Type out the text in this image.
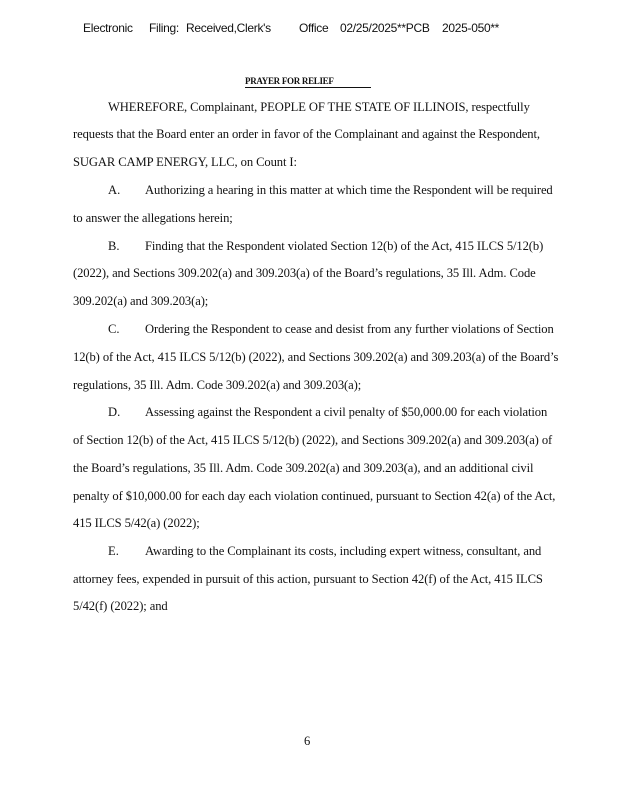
Electronic Filing: Received,Clerk's Office 02/25/2025**PCB 2025-050**
PRAYER FOR RELIEF
WHEREFORE, Complainant, PEOPLE OF THE STATE OF ILLINOIS, respectfully
requests that the Board enter an order in favor of the Complainant and against the Respondent,
SUGAR CAMP ENERGY, LLC, on Count I:
A. Authorizing a hearing in this matter at which time the Respondent will be required
to answer the allegations herein;
B. Finding that the Respondent violated Section 12(b) of the Act, 415 ILCS 5/12(b)
(2022), and Sections 309.202(a) and 309.203(a) of the Board’s regulations, 35 Ill. Adm. Code
309.202(a) and 309.203(a);
C. Ordering the Respondent to cease and desist from any further violations of Section
12(b) of the Act, 415 ILCS 5/12(b) (2022), and Sections 309.202(a) and 309.203(a) of the Board’s
regulations, 35 Ill. Adm. Code 309.202(a) and 309.203(a);
D. Assessing against the Respondent a civil penalty of $50,000.00 for each violation
of Section 12(b) of the Act, 415 ILCS 5/12(b) (2022), and Sections 309.202(a) and 309.203(a) of
the Board’s regulations, 35 Ill. Adm. Code 309.202(a) and 309.203(a), and an additional civil
penalty of $10,000.00 for each day each violation continued, pursuant to Section 42(a) of the Act,
415 ILCS 5/42(a) (2022);
E. Awarding to the Complainant its costs, including expert witness, consultant, and
attorney fees, expended in pursuit of this action, pursuant to Section 42(f) of the Act, 415 ILCS
5/42(f) (2022); and
6
